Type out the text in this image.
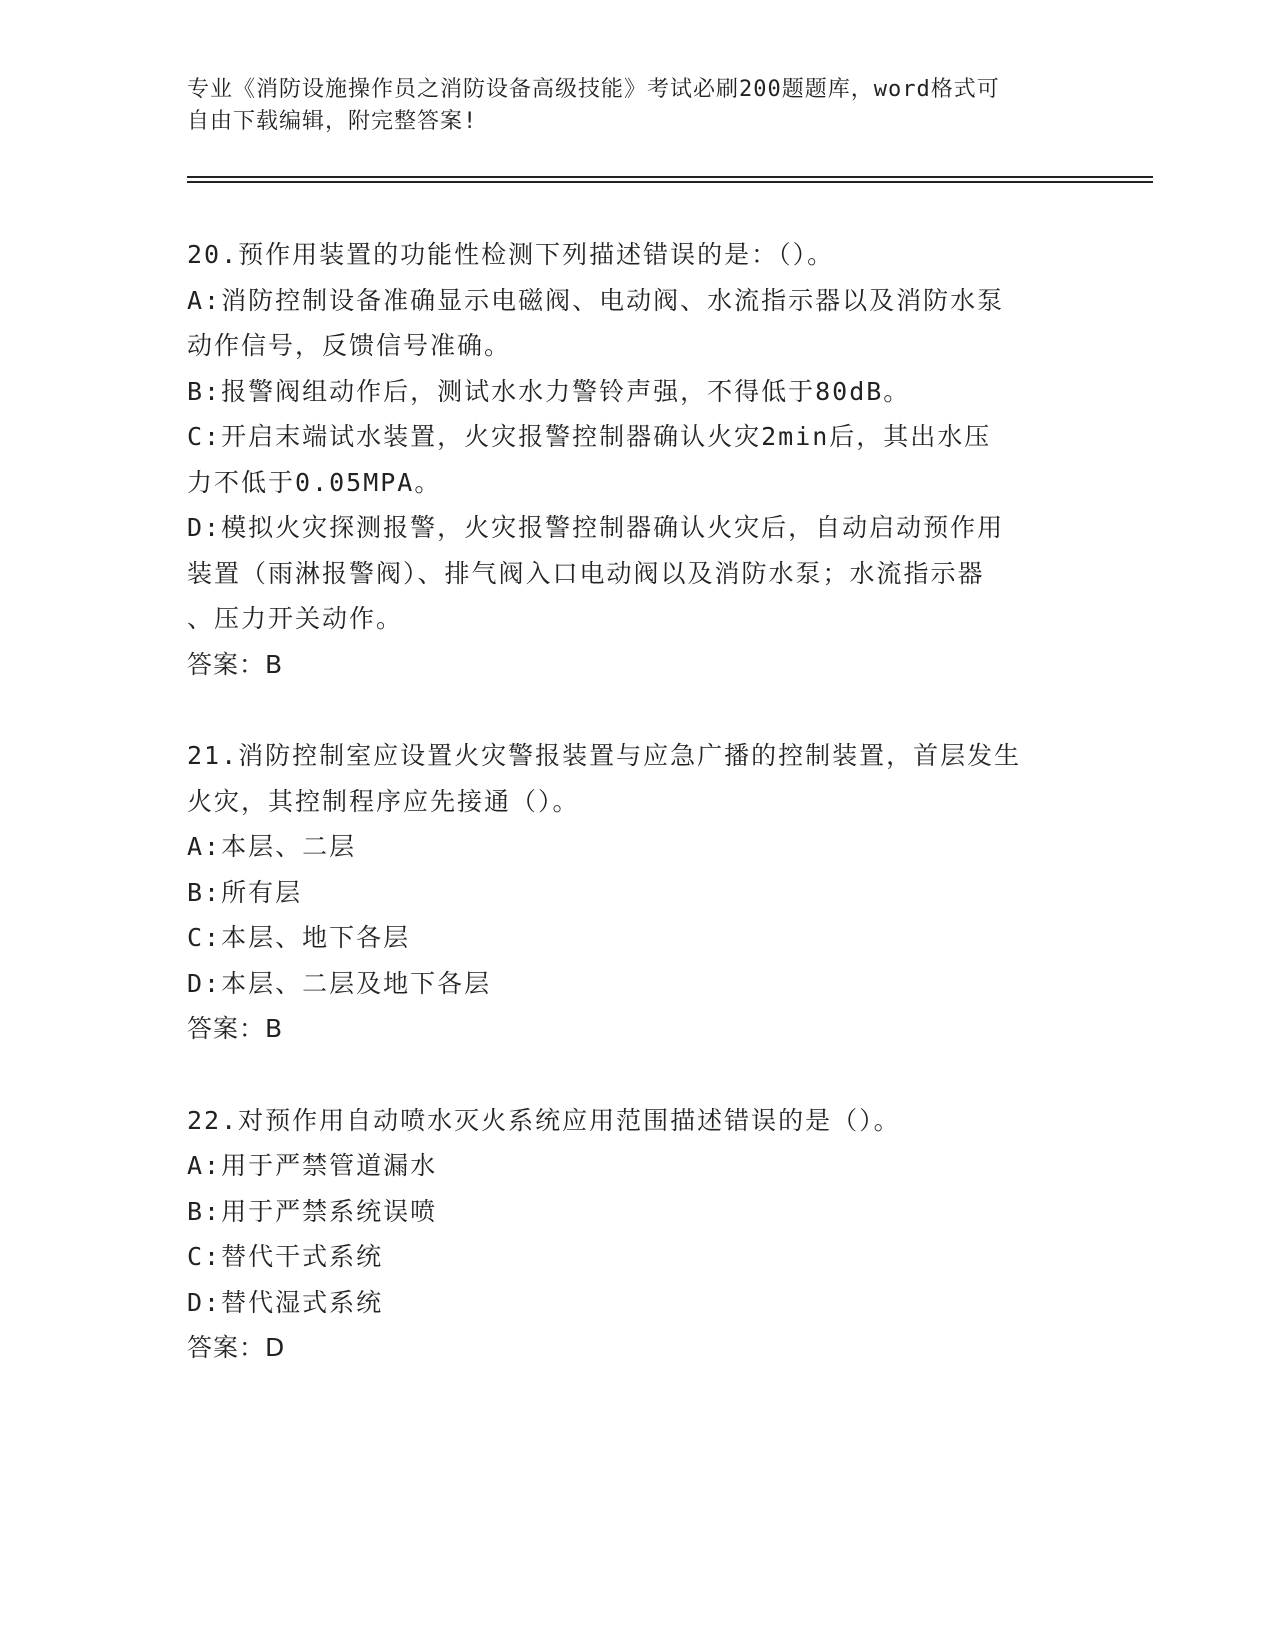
专业《消防设施操作员之消防设备高级技能》考试必刷200题题库，word格式可

自由下载编辑，附完整答案!

20.预作用装置的功能性检测下列描述错误的是：（）。

A:消防控制设备准确显示电磁阀、电动阀、水流指示器以及消防水泵

动作信号，反馈信号准确。

B:报警阀组动作后，测试水水力警铃声强，不得低于80dB。

C:开启末端试水装置，火灾报警控制器确认火灾2min后，其出水压

力不低于0.05MPA。

D:模拟火灾探测报警，火灾报警控制器确认火灾后，自动启动预作用

装置（雨淋报警阀）、排气阀入口电动阀以及消防水泵；水流指示器

、压力开关动作。

答案：B

21.消防控制室应设置火灾警报装置与应急广播的控制装置，首层发生

火灾，其控制程序应先接通（）。

A:本层、二层

B:所有层

C:本层、地下各层

D:本层、二层及地下各层

答案：B

22.对预作用自动喷水灭火系统应用范围描述错误的是（）。

A:用于严禁管道漏水

B:用于严禁系统误喷

C:替代干式系统

D:替代湿式系统

答案：D
